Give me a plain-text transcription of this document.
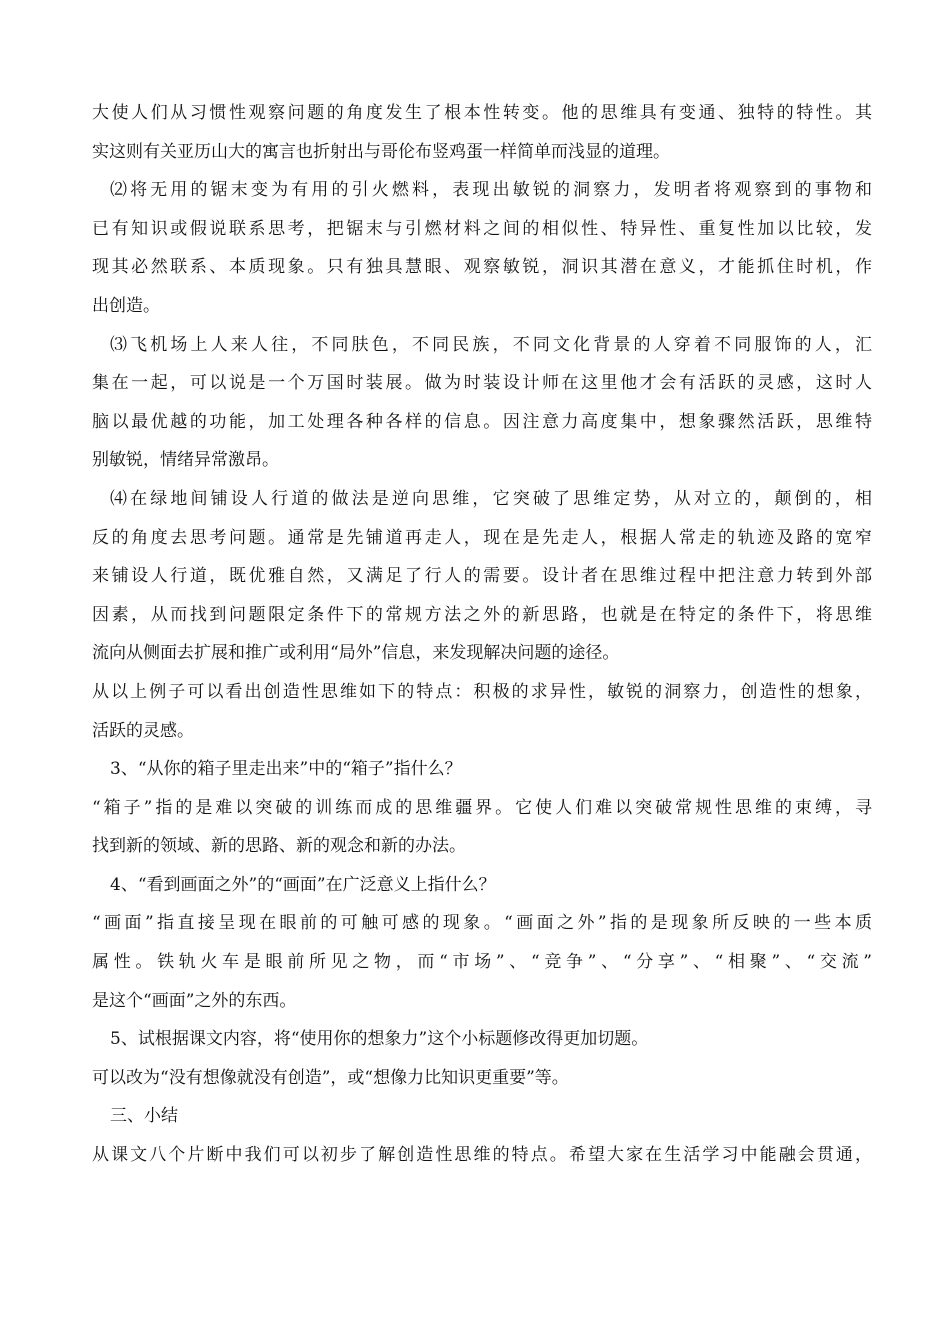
大使人们从习惯性观察问题的角度发生了根本性转变。他的思维具有变通、独特的特性。其
实这则有关亚历山大的寓言也折射出与哥伦布竖鸡蛋一样简单而浅显的道理。
⑵将无用的锯末变为有用的引火燃料，表现出敏锐的洞察力，发明者将观察到的事物和
已有知识或假说联系思考，把锯末与引燃材料之间的相似性、特异性、重复性加以比较，发
现其必然联系、本质现象。只有独具慧眼、观察敏锐，洞识其潜在意义，才能抓住时机，作
出创造。
⑶飞机场上人来人往，不同肤色，不同民族，不同文化背景的人穿着不同服饰的人，汇
集在一起，可以说是一个万国时装展。做为时装设计师在这里他才会有活跃的灵感，这时人
脑以最优越的功能，加工处理各种各样的信息。因注意力高度集中，想象骤然活跃，思维特
别敏锐，情绪异常激昂。
⑷在绿地间铺设人行道的做法是逆向思维，它突破了思维定势，从对立的，颠倒的，相
反的角度去思考问题。通常是先铺道再走人，现在是先走人，根据人常走的轨迹及路的宽窄
来铺设人行道，既优雅自然，又满足了行人的需要。设计者在思维过程中把注意力转到外部
因素，从而找到问题限定条件下的常规方法之外的新思路，也就是在特定的条件下，将思维
流向从侧面去扩展和推广或利用“局外”信息，来发现解决问题的途径。
从以上例子可以看出创造性思维如下的特点：积极的求异性，敏锐的洞察力，创造性的想象，
活跃的灵感。
3、“从你的箱子里走出来”中的“箱子”指什么？
“箱子”指的是难以突破的训练而成的思维疆界。它使人们难以突破常规性思维的束缚，寻
找到新的领域、新的思路、新的观念和新的办法。
4、“看到画面之外”的“画面”在广泛意义上指什么？
“画面”指直接呈现在眼前的可触可感的现象。“画面之外”指的是现象所反映的一些本质
属性。铁轨火车是眼前所见之物，而“市场”、“竞争”、“分享”、“相聚”、“交流”
是这个“画面”之外的东西。
5、试根据课文内容，将“使用你的想象力”这个小标题修改得更加切题。
可以改为“没有想像就没有创造”，或“想像力比知识更重要”等。
三、小结
从课文八个片断中我们可以初步了解创造性思维的特点。希望大家在生活学习中能融会贯通，
